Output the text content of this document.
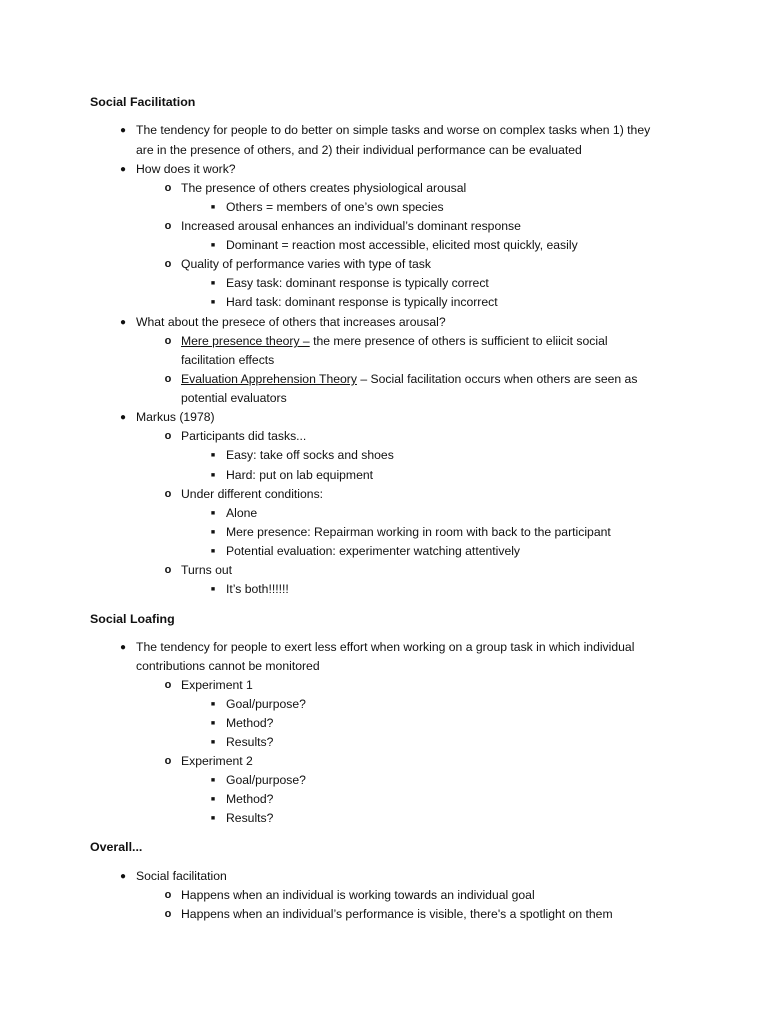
Social Facilitation
● The tendency for people to do better on simple tasks and worse on complex tasks when 1) they
are in the presence of others, and 2) their individual performance can be evaluated
● How does it work?
o The presence of others creates physiological arousal
■ Others = members of one’s own species
o Increased arousal enhances an individual’s dominant response
■ Dominant = reaction most accessible, elicited most quickly, easily
o Quality of performance varies with type of task
■ Easy task: dominant response is typically correct
■ Hard task: dominant response is typically incorrect
● What about the presece of others that increases arousal?
o Mere presence theory – the mere presence of others is sufficient to eliicit social
facilitation effects
o Evaluation Apprehension Theory – Social facilitation occurs when others are seen as
potential evaluators
● Markus (1978)
o Participants did tasks...
■ Easy: take off socks and shoes
■ Hard: put on lab equipment
o Under different conditions:
■ Alone
■ Mere presence: Repairman working in room with back to the participant
■ Potential evaluation: experimenter watching attentively
o Turns out
■ It’s both!!!!!!
Social Loafing
● The tendency for people to exert less effort when working on a group task in which individual
contributions cannot be monitored
o Experiment 1
■ Goal/purpose?
■ Method?
■ Results?
o Experiment 2
■ Goal/purpose?
■ Method?
■ Results?
Overall...
● Social facilitation
o Happens when an individual is working towards an individual goal
o Happens when an individual’s performance is visible, there's a spotlight on them
